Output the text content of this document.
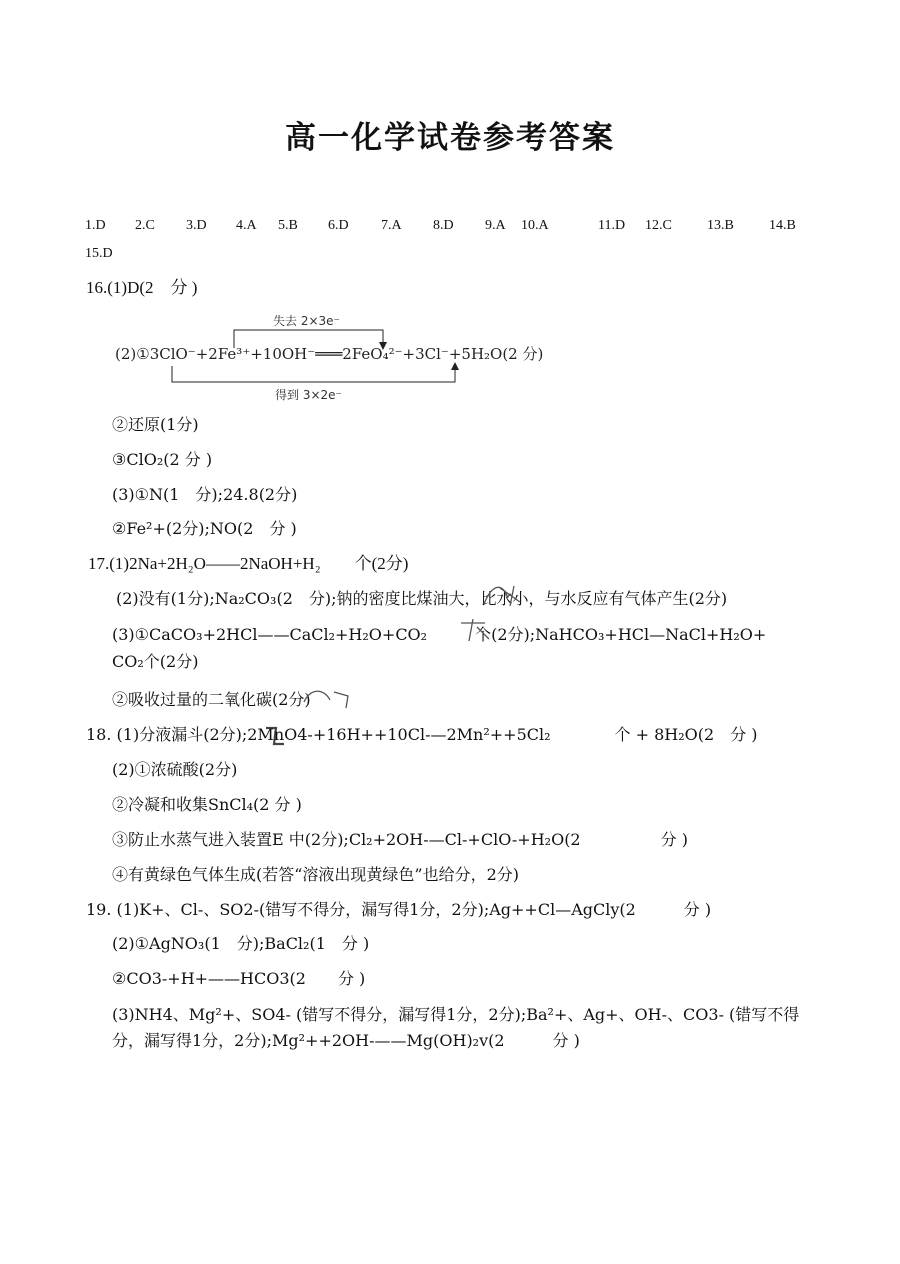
高一化学试卷参考答案
1.D 2.C 3.D 4.A 5.B 6.D 7.A 8.D 9.A 10.A	11.D 12.C	13.B	14.B
15.D
16.(1)D(2　分 )
失去 2×3e⁻
(2)①3ClO⁻+2Fe³⁺+10OH⁻═══2FeO₄²⁻+3Cl⁻+5H₂O(2 分)
得到 3×2e⁻
②还原(1分)
③ClO₂(2 分 )
(3)①N(1　分);24.8(2分)
②Fe²+(2分);NO(2　分 )
17.(1)2Na+2H₂O——2NaOH+H₂　　个(2分)
(2)没有(1分);Na₂CO₃(2　分);钠的密度比煤油大，比水小，与水反应有气体产生(2分)
(3)①CaCO₃+2HCl——CaCl₂+H₂O+CO₂　　　个(2分);NaHCO₃+HCl—NaCl+H₂O+
CO₂个(2分)
②吸收过量的二氧化碳(2分)
18. (1)分液漏斗(2分);2MnO4-+16H++10Cl-—2Mn²++5Cl₂　　　　个 + 8H₂O(2　分 )
(2)①浓硫酸(2分)
②冷凝和收集SnCl₄(2 分 )
③防止水蒸气进入装置E 中(2分);Cl₂+2OH-—Cl-+ClO-+H₂O(2　　　　　分 )
④有黄绿色气体生成(若答“溶液出现黄绿色”也给分，2分)
19. (1)K+、Cl-、SO2-(错写不得分，漏写得1分，2分);Ag++Cl—AgCly(2　　　分 )
(2)①AgNO₃(1　分);BaCl₂(1　分 )
②CO3-+H+——HCO3(2　　分 )
(3)NH4、Mg²+、SO4- (错写不得分，漏写得1分，2分);Ba²+、Ag+、OH-、CO3- (错写不得
分，漏写得1分，2分);Mg²++2OH-——Mg(OH)₂v(2　　　分 )
